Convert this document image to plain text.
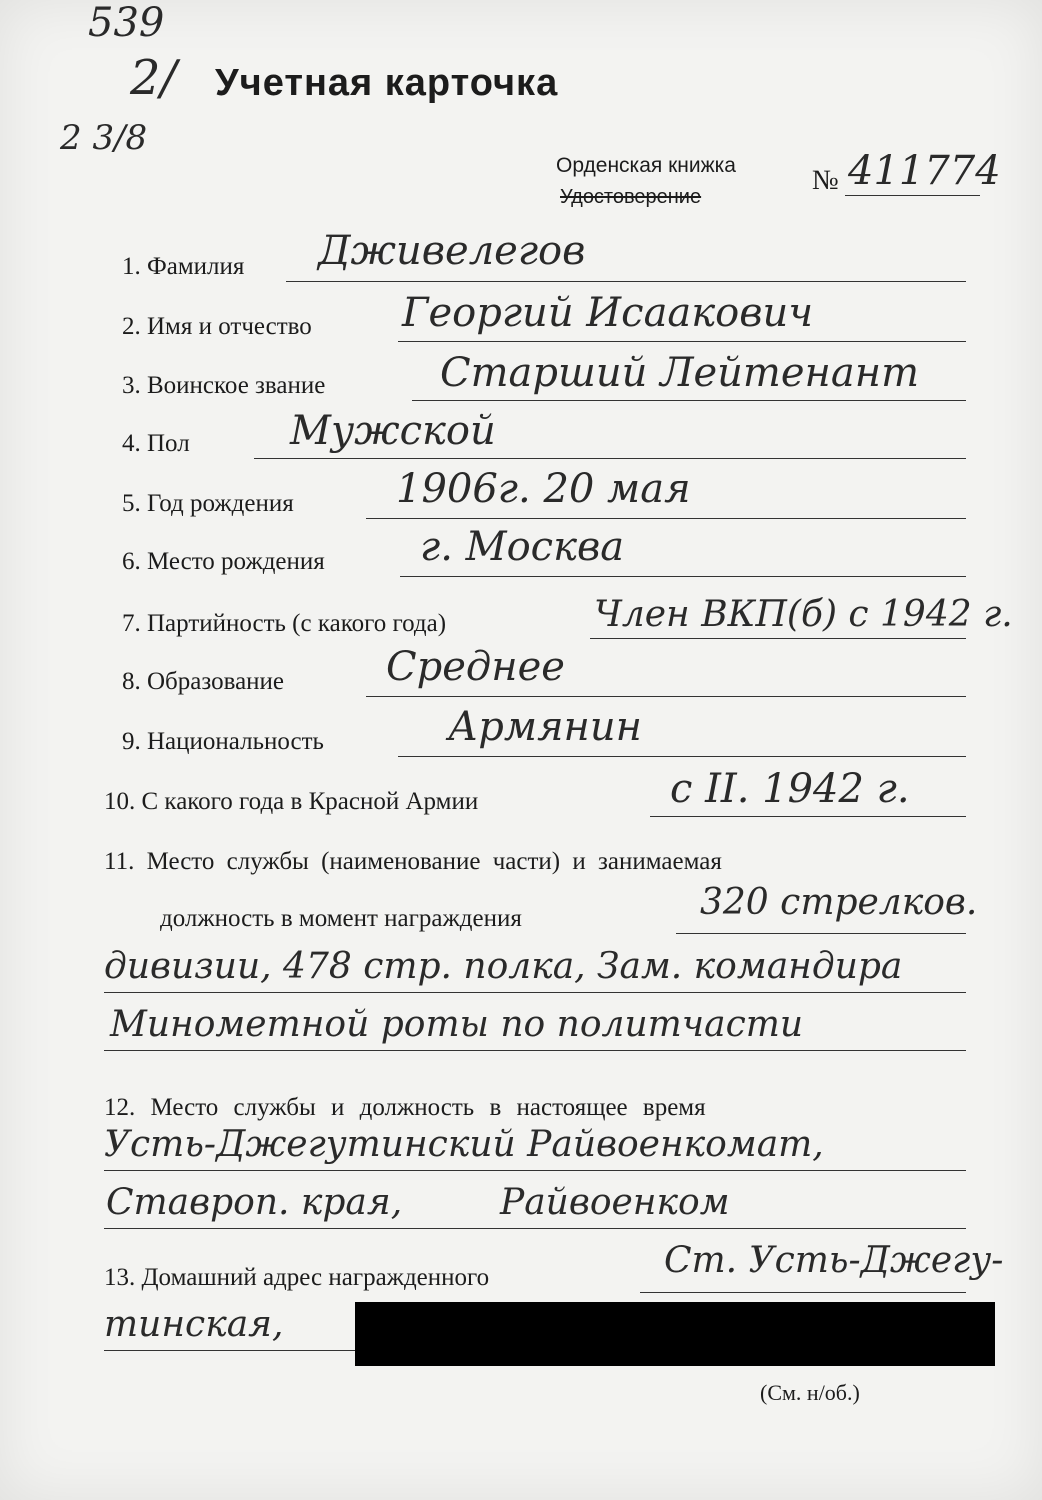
539
2/
2 3/8
Учетная карточка
Орденская книжка
Удостоверение
№ 411774
1. Фамилия Дживелегов
2. Имя и отчество Георгий Исаакович
3. Воинское звание	Старший Лейтенант
4. Пол	Мужской
5. Год рождения	1906г. 20 мая
6. Место рождения г. Москва
7. Партийность (с какого года)	Член ВКП(б) с 1942 г.
8. Образование	Среднее
9. Национальность	Армянин
10. С какого года в Красной Армии	с II. 1942 г.
11. Место службы (наименование части) и занимаемая
должность в момент награждения	320 стрелков.
дивизии, 478 стр. полка, Зам. командира
Минометной роты по политчасти
12. Место службы и должность в настоящее время
Усть-Джегутинский Райвоенкомат,
Ставроп. края,	Райвоенком
13. Домашний адрес награжденного	Ст. Усть-Джегу-
тинская,
(См. н/об.)
